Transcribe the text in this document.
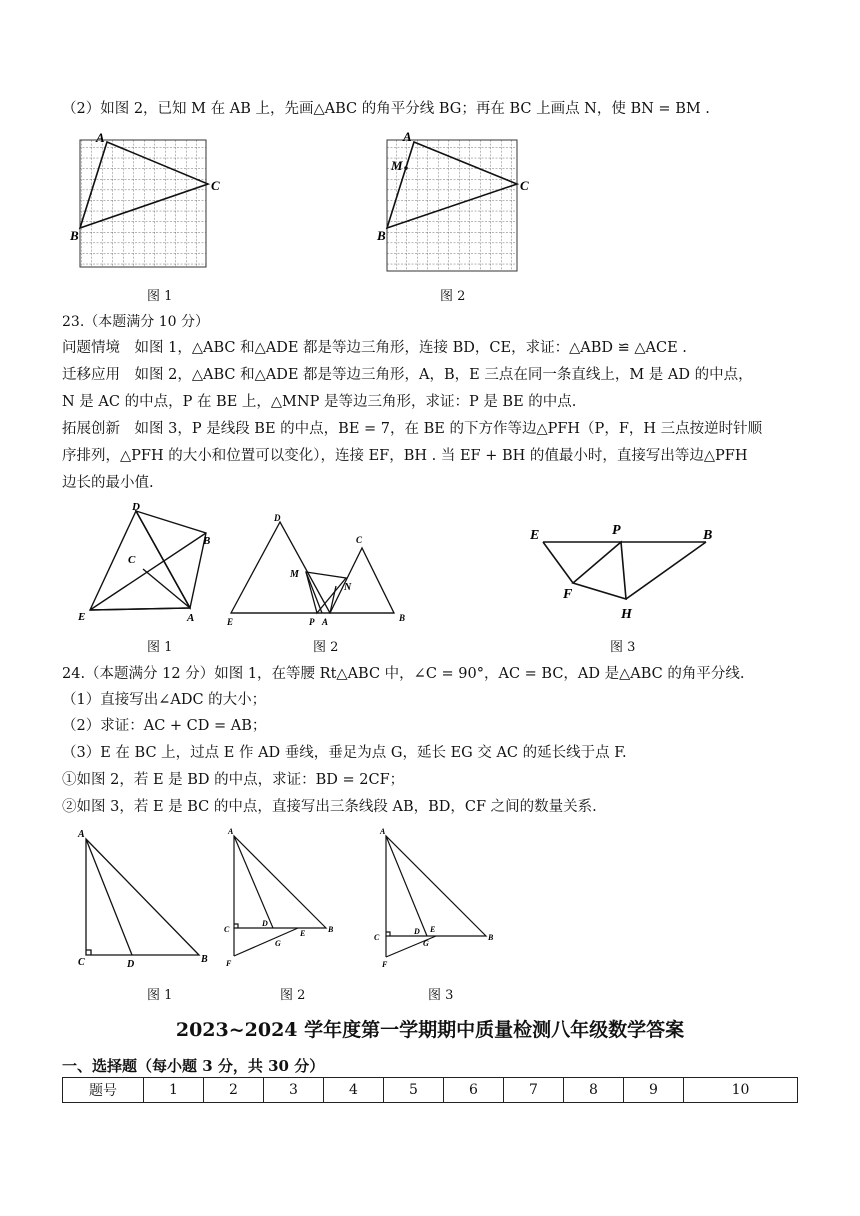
（2）如图 2，已知 M 在 AB 上，先画△ABC 的角平分线 BG；再在 BC 上画点 N，使 BN = BM .
A
C
B
A
M
C
B
图 1	图 2
23.（本题满分 10 分）
问题情境　如图 1，△ABC 和△ADE 都是等边三角形，连接 BD，CE，求证：△ABD ≌ △ACE .
迁移应用　如图 2，△ABC 和△ADE 都是等边三角形，A，B，E 三点在同一条直线上，M 是 AD 的中点，
N 是 AC 的中点，P 在 BE 上，△MNP 是等边三角形，求证：P 是 BE 的中点.
拓展创新　如图 3，P 是线段 BE 的中点，BE = 7，在 BE 的下方作等边△PFH（P，F，H 三点按逆时针顺
序排列，△PFH 的大小和位置可以变化），连接 EF，BH . 当 EF + BH 的值最小时，直接写出等边△PFH
边长的最小值.
D
B
C
E	A
D
C
M
N
E	P A	B
E	P	B
F
H
图 1	图 2	图 3
24.（本题满分 12 分）如图 1，在等腰 Rt△ABC 中，∠C = 90°，AC = BC，AD 是△ABC 的角平分线.
（1）直接写出∠ADC 的大小；
（2）求证：AC + CD = AB；
（3）E 在 BC 上，过点 E 作 AD 垂线，垂足为点 G，延长 EG 交 AC 的延长线于点 F.
①如图 2，若 E 是 BD 的中点，求证：BD = 2CF；
②如图 3，若 E 是 BC 的中点，直接写出三条线段 AB，BD，CF 之间的数量关系.
A
C	D	B
A
C
D
E
G
B
F
A
C
D E
G
B
F
图 1	图 2	图 3
2023~2024 学年度第一学期期中质量检测八年级数学答案
一、选择题（每小题 3 分，共 30 分）
题号	1	2	3	4	5	6	7	8	9	10
